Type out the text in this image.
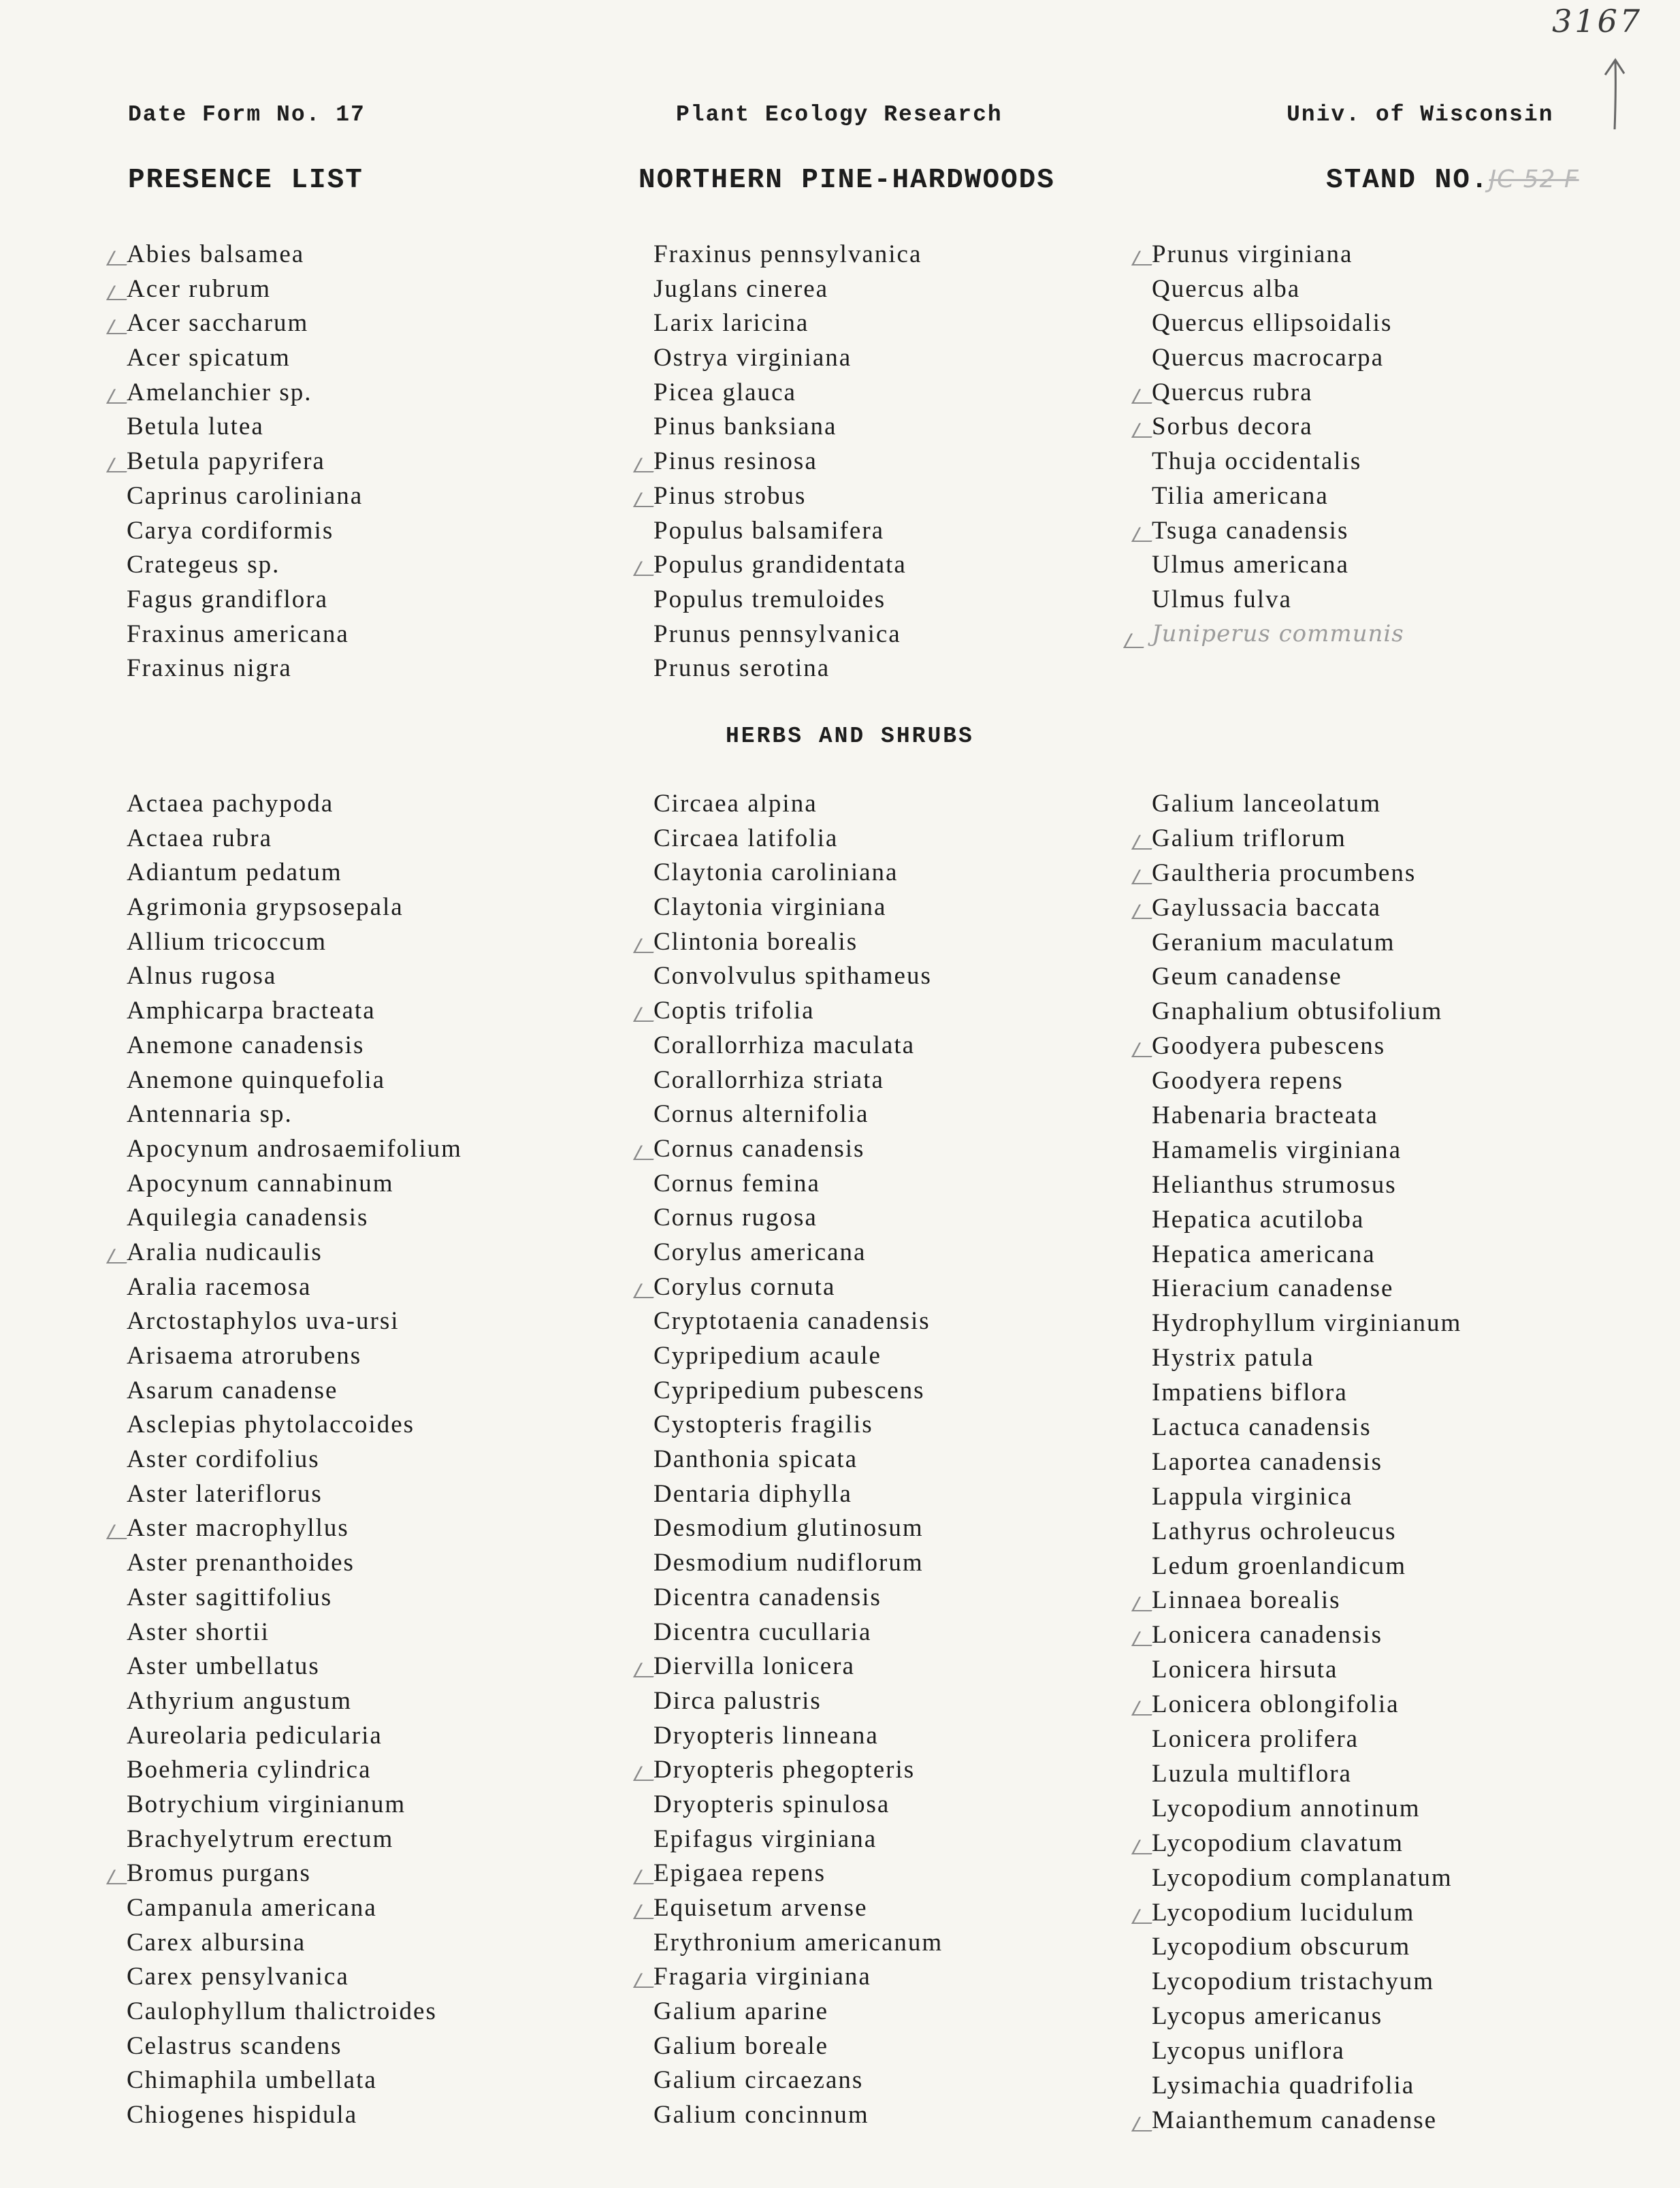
3167
Date Form No. 17	Plant Ecology Research	Univ. of Wisconsin
PRESENCE LIST	NORTHERN PINE-HARDWOODS	STAND NO.JC 52 F
Abies balsamea
Acer rubrum
Acer saccharum
Acer spicatum
Amelanchier sp.
Betula lutea
Betula papyrifera
Caprinus caroliniana
Carya cordiformis
Crategeus sp.
Fagus grandiflora
Fraxinus americana
Fraxinus nigra
Fraxinus pennsylvanica
Juglans cinerea
Larix laricina
Ostrya virginiana
Picea glauca
Pinus banksiana
Pinus resinosa
Pinus strobus
Populus balsamifera
Populus grandidentata
Populus tremuloides
Prunus pennsylvanica
Prunus serotina
Prunus virginiana
Quercus alba
Quercus ellipsoidalis
Quercus macrocarpa
Quercus rubra
Sorbus decora
Thuja occidentalis
Tilia americana
Tsuga canadensis
Ulmus americana
Ulmus fulva
Juniperus communis
HERBS AND SHRUBS
Actaea pachypoda
Actaea rubra
Adiantum pedatum
Agrimonia grypsosepala
Allium tricoccum
Alnus rugosa
Amphicarpa bracteata
Anemone canadensis
Anemone quinquefolia
Antennaria sp.
Apocynum androsaemifolium
Apocynum cannabinum
Aquilegia canadensis
Aralia nudicaulis
Aralia racemosa
Arctostaphylos uva-ursi
Arisaema atrorubens
Asarum canadense
Asclepias phytolaccoides
Aster cordifolius
Aster lateriflorus
Aster macrophyllus
Aster prenanthoides
Aster sagittifolius
Aster shortii
Aster umbellatus
Athyrium angustum
Aureolaria pedicularia
Boehmeria cylindrica
Botrychium virginianum
Brachyelytrum erectum
Bromus purgans
Campanula americana
Carex albursina
Carex pensylvanica
Caulophyllum thalictroides
Celastrus scandens
Chimaphila umbellata
Chiogenes hispidula
Circaea alpina
Circaea latifolia
Claytonia caroliniana
Claytonia virginiana
Clintonia borealis
Convolvulus spithameus
Coptis trifolia
Corallorrhiza maculata
Corallorrhiza striata
Cornus alternifolia
Cornus canadensis
Cornus femina
Cornus rugosa
Corylus americana
Corylus cornuta
Cryptotaenia canadensis
Cypripedium acaule
Cypripedium pubescens
Cystopteris fragilis
Danthonia spicata
Dentaria diphylla
Desmodium glutinosum
Desmodium nudiflorum
Dicentra canadensis
Dicentra cucullaria
Diervilla lonicera
Dirca palustris
Dryopteris linneana
Dryopteris phegopteris
Dryopteris spinulosa
Epifagus virginiana
Epigaea repens
Equisetum arvense
Erythronium americanum
Fragaria virginiana
Galium aparine
Galium boreale
Galium circaezans
Galium concinnum
Galium lanceolatum
Galium triflorum
Gaultheria procumbens
Gaylussacia baccata
Geranium maculatum
Geum canadense
Gnaphalium obtusifolium
Goodyera pubescens
Goodyera repens
Habenaria bracteata
Hamamelis virginiana
Helianthus strumosus
Hepatica acutiloba
Hepatica americana
Hieracium canadense
Hydrophyllum virginianum
Hystrix patula
Impatiens biflora
Lactuca canadensis
Laportea canadensis
Lappula virginica
Lathyrus ochroleucus
Ledum groenlandicum
Linnaea borealis
Lonicera canadensis
Lonicera hirsuta
Lonicera oblongifolia
Lonicera prolifera
Luzula multiflora
Lycopodium annotinum
Lycopodium clavatum
Lycopodium complanatum
Lycopodium lucidulum
Lycopodium obscurum
Lycopodium tristachyum
Lycopus americanus
Lycopus uniflora
Lysimachia quadrifolia
Maianthemum canadense
